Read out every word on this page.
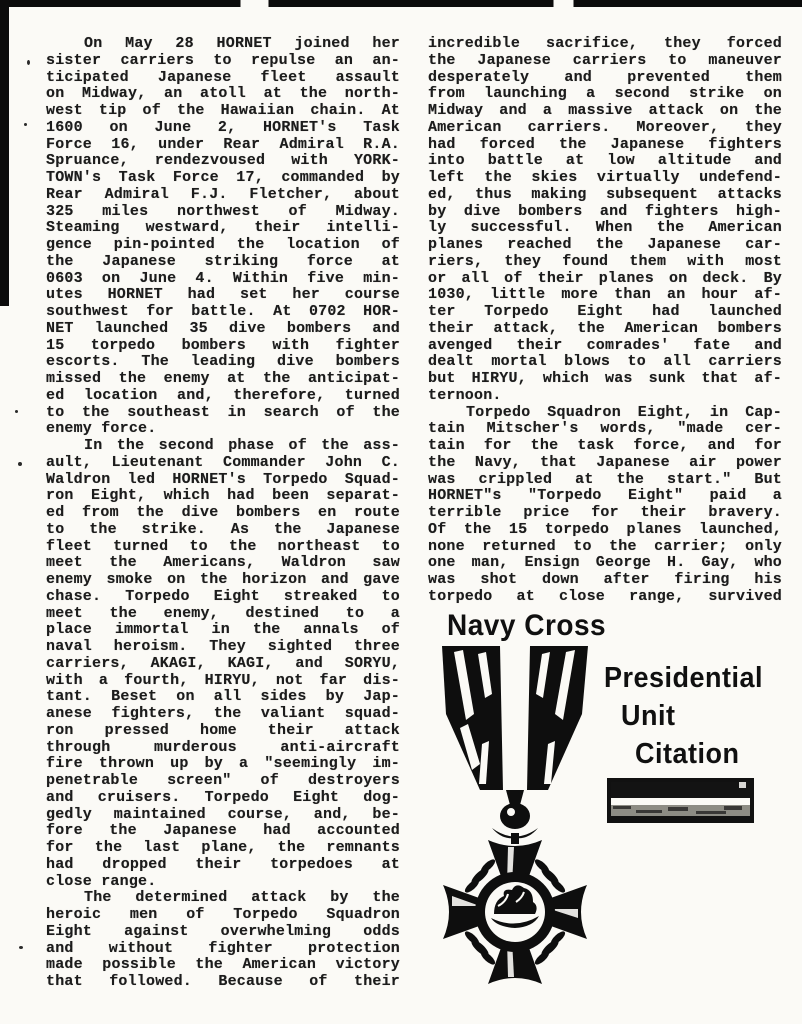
On May 28 HORNET joined her
sister carriers to repulse an an-
ticipated Japanese fleet assault
on Midway, an atoll at the north-
west tip of the Hawaiian chain. At
1600 on June 2, HORNET's Task
Force 16, under Rear Admiral R.A.
Spruance, rendezvoused with YORK-
TOWN's Task Force 17, commanded by
Rear Admiral F.J. Fletcher, about
325 miles northwest of Midway.
Steaming westward, their intelli-
gence pin-pointed the location of
the Japanese striking force at
0603 on June 4. Within five min-
utes HORNET had set her course
southwest for battle. At 0702 HOR-
NET launched 35 dive bombers and
15 torpedo bombers with fighter
escorts. The leading dive bombers
missed the enemy at the anticipat-
ed location and, therefore, turned
to the southeast in search of the
enemy force.
In the second phase of the ass-
ault, Lieutenant Commander John C.
Waldron led HORNET's Torpedo Squad-
ron Eight, which had been separat-
ed from the dive bombers en route
to the strike. As the Japanese
fleet turned to the northeast to
meet the Americans, Waldron saw
enemy smoke on the horizon and gave
chase. Torpedo Eight streaked to
meet the enemy, destined to a
place immortal in the annals of
naval heroism. They sighted three
carriers, AKAGI, KAGI, and SORYU,
with a fourth, HIRYU, not far dis-
tant. Beset on all sides by Jap-
anese fighters, the valiant squad-
ron pressed home their attack
through murderous anti-aircraft
fire thrown up by a "seemingly im-
penetrable screen" of destroyers
and cruisers. Torpedo Eight dog-
gedly maintained course, and, be-
fore the Japanese had accounted
for the last plane, the remnants
had dropped their torpedoes at
close range.
The determined attack by the
heroic men of Torpedo Squadron
Eight against overwhelming odds
and without fighter protection
made possible the American victory
that followed. Because of their
incredible sacrifice, they forced
the Japanese carriers to maneuver
desperately and prevented them
from launching a second strike on
Midway and a massive attack on the
American carriers. Moreover, they
had forced the Japanese fighters
into battle at low altitude and
left the skies virtually undefend-
ed, thus making subsequent attacks
by dive bombers and fighters high-
ly successful. When the American
planes reached the Japanese car-
riers, they found them with most
or all of their planes on deck. By
1030, little more than an hour af-
ter Torpedo Eight had launched
their attack, the American bombers
avenged their comrades' fate and
dealt mortal blows to all carriers
but HIRYU, which was sunk that af-
ternoon.
Torpedo Squadron Eight, in Cap-
tain Mitscher's words, "made cer-
tain for the task force, and for
the Navy, that Japanese air power
was crippled at the start." But
HORNET"s "Torpedo Eight" paid a
terrible price for their bravery.
Of the 15 torpedo planes launched,
none returned to the carrier; only
one man, Ensign George H. Gay, who
was shot down after firing his
torpedo at close range, survived
Navy Cross
Presidential
Unit
Citation
